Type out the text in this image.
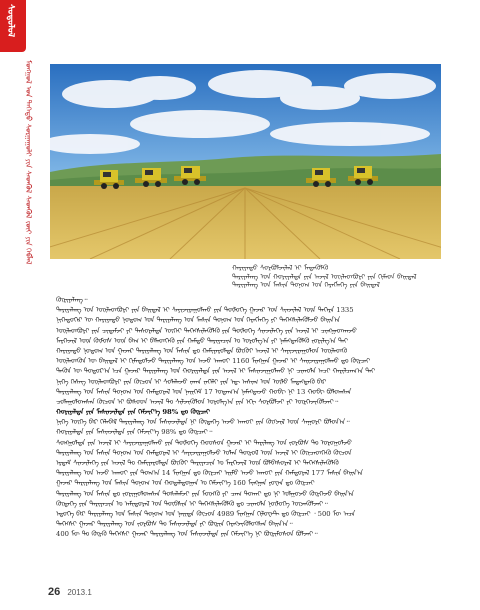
ᠰᠤᠳᠤᠯᠤᠯ
ᠮᠣᠩᠭᠣᠯ ᠤᠨ ᠳᠡᠭᠡᠳᠦ ᠰᠤᠷᠭᠠᠭᠤᠯᠢ ᠶᠢᠨ ᠰᠡᠳᠬᠦᠯ ᠰᠡᠳᠬᠦᠯ ᠵᠦᠢ ᠶᠢᠨ ᠬᠡᠪᠯᠡᠯ
ᠬᠠᠷᠢᠶᠠᠳᠤ ᠰᠤᠷᠪᠤᠯᠵᠢᠯᠠᠯ ᠢ ᠮᠡᠳᠡᠭᠦᠯᠬᠦ
ᠲᠠᠷᠢᠶᠠᠯᠠᠩ ᠤᠨ ᠬᠤᠷᠢᠶᠠᠯᠲᠠ ᠶᠢᠨ ᠠᠵᠢᠯ ᠦᠢᠯᠡᠳᠪᠦᠷᠢ ᠶᠢᠨ ᠬᠢᠮᠠᠳ ᠪᠠᠢᠳᠠᠯ
ᠲᠠᠷᠢᠶᠠᠯᠠᠩ ᠤᠨ ᠮᠠᠰᠢᠨ ᠲᠣᠨᠣᠭ ᠤᠨ ᠬᠡᠷᠡᠭᠯᠡᠭᠡ ᠶᠢᠨ ᠪᠠᠢᠳᠠᠯ
ᠬᠦᠷᠢᠶᠡᠯᠡᠩ᠃
ᠲᠠᠷᠢᠶᠠᠯᠠᠩ ᠤᠨ ᠦᠢᠯᠡᠳᠪᠦᠷᠢ ᠶᠢᠨ ᠪᠠᠢᠳᠠᠯ ᠢ ᠰᠠᠶᠢᠵᠢᠷᠠᠭᠤᠯᠬᠤ ᠶᠢᠨ ᠲᠥᠯᠦᠭᠡ ᠭᠠᠵᠠᠷ ᠤᠨ ᠰᠢᠨᠵᠢᠯᠡᠯ ᠦᠨ ᠳᠡᠭᠡᠷᠡ 1335
ᠨᠢᠭᠡᠳᠦᠭᠡᠷ ᠦ ᠬᠠᠷᠢᠶᠠᠳᠤ ᠨᠤᠲᠤᠭ ᠤᠨ ᠲᠠᠷᠢᠶᠠᠯᠠᠩ ᠤᠨ ᠮᠠᠰᠢᠨ ᠲᠣᠨᠣᠭ ᠤᠨ ᠬᠡᠷᠡᠭᠯᠡᠭᠡ ᠶᠢ ᠳᠡᠭᠡᠭᠰᠢᠯᠡᠭᠦᠯᠵᠦ ᠪᠠᠢᠨ᠎ᠠ
ᠦᠢᠯᠡᠳᠪᠦᠷᠢ ᠶᠢᠨ ᠴᠢᠳᠠᠮᠵᠢ ᠶᠢ ᠲᠠᠰᠤᠷᠠᠯᠲᠠ ᠦᠭᠡᠢ ᠳᠡᠭᠡᠭᠰᠢᠯᠡᠭᠦᠯᠬᠦ ᠶᠢᠨ ᠲᠥᠯᠦᠭᠡ ᠰᠢᠨᠵᠢᠯᠡᠭᠡ ᠶᠢᠨ ᠠᠵᠢᠯ ᠢ ᠴᠢᠩᠭᠠᠳᠬᠠᠵᠤ
ᠮᠡᠷᠭᠡᠵᠢᠯ ᠦᠨ ᠬᠦᠮᠦᠰ ᠦᠨ ᠪᠠᠭ ᠢ ᠪᠡᠯᠡᠳᠬᠡᠬᠦ ᠶᠢᠨ ᠬᠠᠮᠲᠤ ᠲᠠᠷᠢᠶᠠᠴᠢᠨ ᠤ ᠣᠷᠣᠯᠭ᠎ᠠ ᠶᠢ ᠨᠡᠮᠡᠭᠳᠡᠭᠦᠯᠬᠦ ᠵᠣᠷᠢᠯᠭ᠎ᠠ ᠲᠠᠢ
ᠬᠠᠷᠢᠶᠠᠳᠤ ᠨᠤᠲᠤᠭ ᠤᠨ ᠭᠠᠵᠠᠷ ᠲᠠᠷᠢᠶᠠᠯᠠᠩ ᠤᠨ ᠮᠠᠰᠢᠨ ᠳᠤ ᠬᠠᠮᠢᠶᠠᠷᠤᠯᠲᠠ ᠪᠦᠬᠦᠢ ᠠᠵᠢᠯ ᠢ ᠰᠠᠶᠢᠵᠢᠷᠠᠭᠤᠯᠤᠨ ᠦᠢᠯᠡᠳᠬᠦ
ᠦᠢᠯᠡᠳᠬᠦᠨ ᠦ ᠪᠠᠢᠳᠠᠯ ᠢ ᠬᠢᠮᠠᠳᠤᠯᠵᠤ ᠲᠠᠷᠢᠶᠠᠯᠠᠩ ᠤᠨ ᠠᠵᠤ ᠠᠬᠤᠢ 1160 ᠮᠢᠩᠭ᠋ᠠᠨ ᠭᠠᠵᠠᠷ ᠢ ᠰᠠᠢᠵᠢᠷᠠᠭᠤᠯᠬᠤ ᠳᠤ ᠬᠦᠷᠴᠡᠢ
ᠲᠡᠭᠦᠨ ᠦ ᠳᠣᠲᠣᠷ᠎ᠠ ᠡᠴᠡ ᠭᠠᠵᠠᠷ ᠲᠠᠷᠢᠶᠠᠯᠠᠩ ᠤᠨ ᠬᠤᠷᠢᠶᠠᠯᠲᠠ ᠶᠢᠨ ᠠᠵᠢᠯ ᠢ ᠮᠠᠰᠢᠨᠵᠢᠭᠤᠯᠬᠤ ᠨᠢ ᠴᠢᠬᠤᠯᠠ ᠠᠴᠢ ᠬᠠᠷᠢᠯᠴᠠᠭ᠎ᠠ ᠲᠠᠢ
ᠨᠢᠭᠡ ᠬᠡᠰᠡᠭ ᠦᠢᠯᠡᠳᠪᠦᠷᠢ ᠶᠢᠨ ᠬᠦᠴᠦᠨ ᠢ ᠰᠤᠯᠠᠯᠠᠵᠤ ᠵᠠᠬᠠ ᠵᠡᠭᠡᠯᠢ ᠶᠢᠨ ᠡᠳ᠋ ᠠᠰᠢᠭ ᠤᠨ ᠦᠯᠦ ᠮᠡᠳᠡᠭᠳᠡᠬᠦ ᠪᠡᠷ
ᠲᠠᠷᠢᠶᠠᠯᠠᠩ ᠤᠨ ᠮᠠᠰᠢᠨ ᠲᠣᠨᠣᠭ ᠤᠨ ᠬᠠᠮᠲᠤᠷᠠᠯ ᠤᠨ ᠨᠡᠢᠭᠡᠮ 17 ᠤᠳᠠᠭ᠎ᠠ ᠨᠡᠮᠡᠭᠳᠡᠵᠦ ᠬᠤᠪᠢ ᠨᠢ 13 ᠬᠤᠪᠢ ᠪᠤᠯᠤᠭᠰᠠᠨ
ᠴᠤᠯᠠᠭᠤᠯᠤᠭᠰᠠᠨ ᠬᠦᠴᠦᠨ ᠢ ᠪᠤᠰᠤᠳ ᠠᠵᠢᠯ ᠲᠤ ᠰᠢᠯᠵᠢᠭᠦᠯᠦᠨ ᠣᠷᠣᠯᠭ᠎ᠠ ᠶᠢᠨ ᠡᠬᠢ ᠰᠤᠷᠪᠤᠯᠵᠢ ᠶᠢ ᠦᠷᠭᠡᠵᠢᠭᠦᠯᠵᠡᠢ᠃
ᠬᠤᠷᠢᠶᠠᠯᠲᠠ ᠶᠢᠨ ᠮᠠᠰᠢᠨᠵᠢᠯᠲᠠ ᠶᠢᠨ ᠬᠡᠮᠵᠢᠶ᠎ᠡ 98% ᠳᠤ ᠬᠦᠷᠴᠡᠢ
ᠨᠢᠭᠡ ᠦᠭᠡ ᠪᠡᠷ ᠬᠡᠯᠡᠪᠡᠯ ᠲᠠᠷᠢᠶᠠᠯᠠᠩ ᠤᠨ ᠮᠠᠰᠢᠨᠵᠢᠯᠲᠠ ᠨᠢ ᠬᠦᠳᠡᠭᠡ ᠠᠵᠤ ᠠᠬᠤᠢ ᠶᠢᠨ ᠬᠥᠭᠵᠢᠯ ᠦᠨ ᠰᠠᠭᠤᠷᠢ ᠪᠣᠯᠤᠨ᠎ᠠ᠃
ᠬᠤᠷᠢᠶᠠᠯᠲᠠ ᠶᠢᠨ ᠮᠠᠰᠢᠨᠵᠢᠯᠲᠠ ᠶᠢᠨ ᠬᠡᠮᠵᠢᠶ᠎ᠡ 98% ᠳᠤ ᠬᠦᠷᠴᠡᠢ᠃
ᠰᠤᠩᠭᠤᠯᠲᠠ ᠶᠢᠨ ᠠᠵᠢᠯ ᠢ ᠰᠠᠶᠢᠵᠢᠷᠠᠭᠤᠯᠬᠤ ᠶᠢᠨ ᠲᠥᠯᠦᠭᠡ ᠬᠣᠣᠰᠣᠨ ᠭᠠᠵᠠᠷ ᠢ ᠲᠠᠷᠢᠯᠠᠩ ᠤᠨ ᠵᠤᠷᠪᠤᠰ ᠲᠤ ᠣᠷᠣᠭᠤᠯᠵᠤ
ᠲᠠᠷᠢᠶᠠᠯᠠᠩ ᠤᠨ ᠮᠠᠰᠢᠨ ᠲᠣᠨᠣᠭ ᠤᠨ ᠬᠠᠮᠲᠤᠷᠠᠯ ᠢ ᠰᠠᠶᠢᠵᠢᠷᠠᠭᠤᠯᠵᠤ ᠣᠯᠠᠨ ᠲᠥᠷᠦᠯ ᠦᠨ ᠠᠵᠢᠯ ᠢ ᠭᠦᠢᠴᠡᠳᠬᠡᠬᠦ ᠬᠦᠴᠦᠨ
ᠡᠷᠳᠡᠮ ᠰᠢᠨᠵᠢᠯᠡᠭᠡ ᠶᠢᠨ ᠠᠵᠢᠯ ᠲᠤ ᠬᠠᠮᠢᠶᠠᠷᠤᠯᠲᠠ ᠪᠦᠬᠦᠢ ᠲᠠᠷᠢᠶᠠᠴᠢᠨ ᠤ ᠮᠡᠷᠭᠡᠵᠢᠯ ᠦᠨ ᠪᠣᠯᠪᠠᠰᠤᠷᠠᠯ ᠢ ᠳᠡᠭᠡᠭᠰᠢᠯᠡᠭᠦᠯᠬᠦ
ᠲᠠᠷᠢᠶᠠᠯᠠᠩ ᠤᠨ ᠠᠵᠤ ᠠᠬᠤᠢ ᠶᠢᠨ ᠲᠣᠭ᠎ᠠ 14 ᠮᠢᠩᠭ᠋ᠠᠨ ᠳᠤ ᠬᠦᠷᠴᠡᠢ ᠡᠢᠮᠦ ᠠᠵᠤ ᠠᠬᠤᠢ ᠶᠢᠨ ᠬᠠᠮᠲᠤᠷᠠᠯ 177 ᠮᠠᠰᠢᠨ ᠪᠠᠢᠨ᠎ᠠ
ᠭᠠᠵᠠᠷ ᠲᠠᠷᠢᠶᠠᠯᠠᠩ ᠤᠨ ᠮᠠᠰᠢᠨ ᠲᠣᠨᠣᠭ ᠤᠨ ᠬᠤᠳᠠᠯᠳᠤᠭᠠᠨ ᠤ ᠬᠡᠮᠵᠢᠶ᠎ᠡ 160 ᠮᠢᠩᠭ᠋ᠠᠨ ᠶᠤᠸᠠᠨ ᠳᠤ ᠬᠦᠷᠴᠡᠢ
ᠲᠠᠷᠢᠶᠠᠯᠠᠩ ᠤᠨ ᠮᠠᠰᠢᠨ ᠳᠤ ᠵᠣᠷᠢᠭᠤᠯᠤᠭᠰᠠᠨ ᠲᠤᠰᠠᠯᠠᠮᠵᠢ ᠶᠢᠨ ᠮᠥᠩᠭᠦ ᠶᠢ ᠴᠠᠭ ᠲᠤᠬᠠᠢ ᠳᠤ ᠨᠢ ᠣᠯᠭᠤᠵᠤ ᠬᠦᠷᠭᠡᠵᠦ ᠪᠠᠢᠨ᠎ᠠ
ᠬᠥᠳᠡᠭᠡ ᠶᠢᠨ ᠲᠠᠷᠢᠶᠠᠴᠢᠨ ᠤ ᠠᠮᠢᠳᠤᠷᠠᠯ ᠤᠨ ᠲᠦᠪᠰᠢᠨ ᠢ ᠳᠡᠭᠡᠭᠰᠢᠯᠡᠭᠦᠯᠬᠦ ᠳᠤ ᠴᠢᠬᠤᠯᠠ ᠨᠥᠯᠦᠭᠡ ᠦᠵᠡᠭᠦᠯᠵᠡᠢ᠃
ᠡᠳᠦᠭᠡ ᠪᠡᠷ ᠲᠠᠷᠢᠶᠠᠯᠠᠩ ᠤᠨ ᠮᠠᠰᠢᠨ ᠲᠣᠨᠣᠭ ᠤᠨ ᠨᠡᠢᠳᠡ ᠬᠦᠴᠦᠨ 4989 ᠮᠢᠩᠭ᠋ᠠᠨ ᠬᠢᠯᠣᠸᠠᠲ ᠳᠤ ᠬᠦᠷᠴᠡᠢ ᠂ 500 ᠮᠦ ᠠᠴᠠ
ᠳᠡᠭᠡᠭᠰᠢ ᠭᠠᠵᠠᠷ ᠲᠠᠷᠢᠶᠠᠯᠠᠩ ᠤᠨ ᠵᠤᠷᠪᠤᠰ ᠲᠤ ᠮᠠᠰᠢᠨᠵᠢᠯᠲᠠ ᠶᠢ ᠪᠦᠷᠢᠨ ᠬᠡᠷᠡᠭᠵᠢᠭᠦᠯᠦᠭᠰᠡᠨ ᠪᠠᠢᠨ᠎ᠠ᠃
400 ᠮᠦ ᠲᠤ ᠬᠦᠷᠬᠦ ᠳᠡᠭᠡᠭᠰᠢ ᠭᠠᠵᠠᠷ ᠲᠠᠷᠢᠶᠠᠯᠠᠩ ᠤᠨ ᠮᠠᠰᠢᠨᠵᠢᠯᠲᠠ ᠶᠢᠨ ᠬᠡᠮᠵᠢᠶ᠎ᠡ ᠨᠢ ᠪᠦᠷᠢᠮᠦᠰᠦᠨ ᠪᠣᠯᠵᠠᠢ᠃
26 2013.1
